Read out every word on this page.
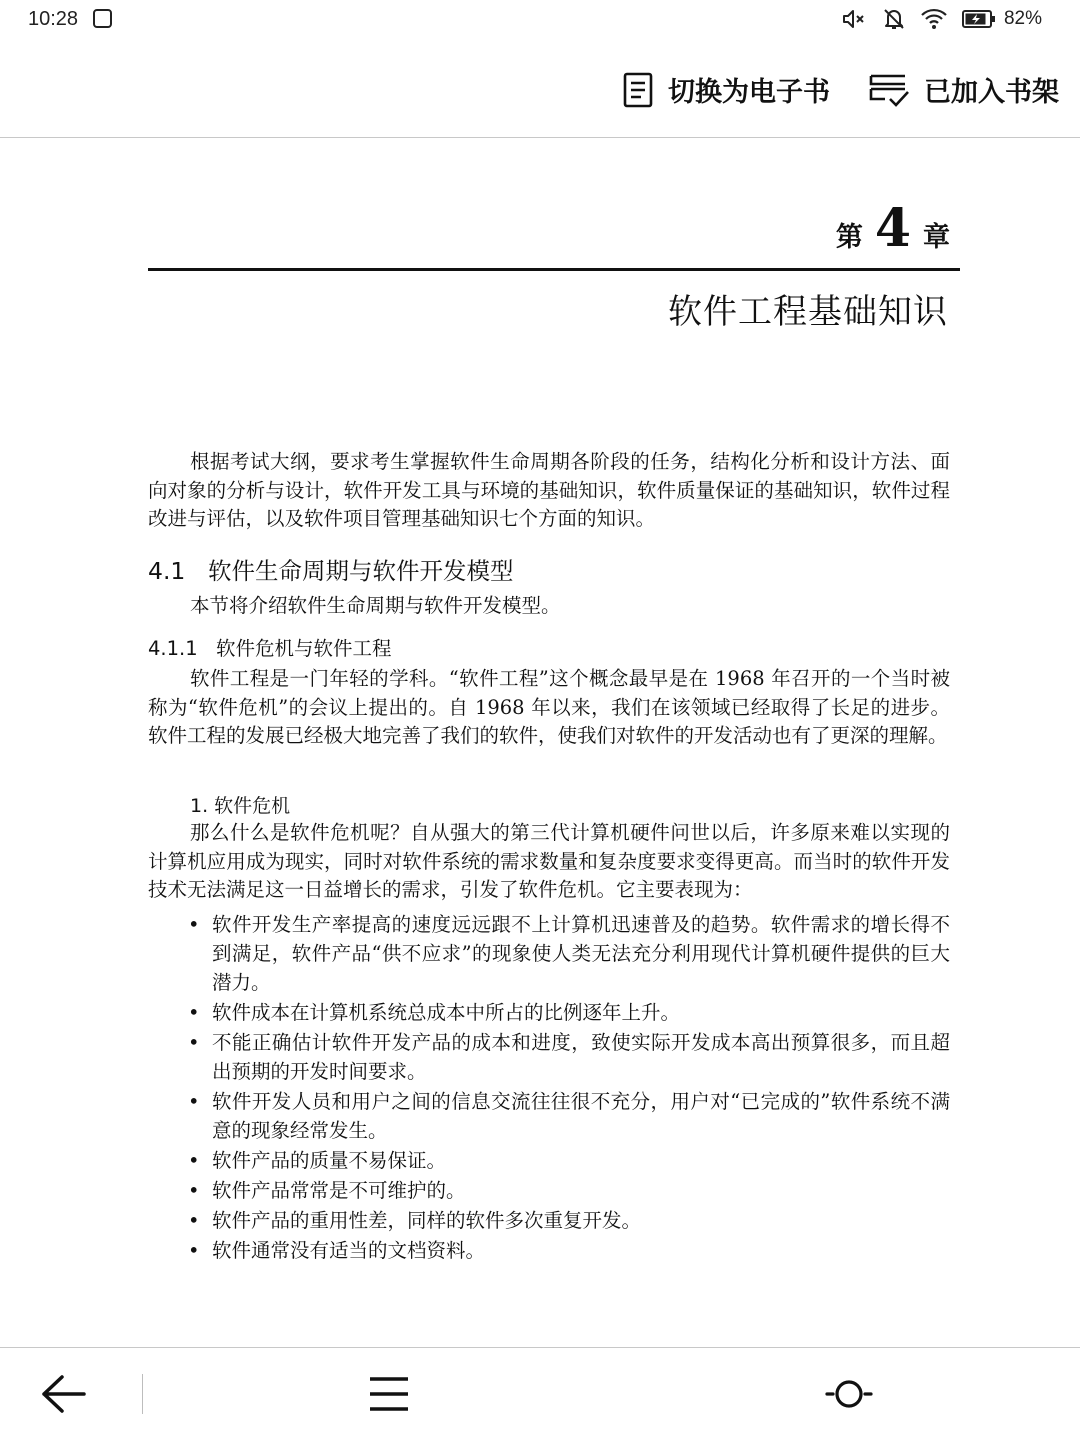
10:28	82%
切换为电子书	已加入书架
第 4 章
软件工程基础知识

根据考试大纲，要求考生掌握软件生命周期各阶段的任务，结构化分析和设计方法、面向对象的分析与设计，软件开发工具与环境的基础知识，软件质量保证的基础知识，软件过程改进与评估，以及软件项目管理基础知识七个方面的知识。

4.1 软件生命周期与软件开发模型

本节将介绍软件生命周期与软件开发模型。

4.1.1 软件危机与软件工程

软件工程是一门年轻的学科。“软件工程”这个概念最早是在 1968 年召开的一个当时被称为“软件危机”的会议上提出的。自 1968 年以来，我们在该领域已经取得了长足的进步。软件工程的发展已经极大地完善了我们的软件，使我们对软件的开发活动也有了更深的理解。

1. 软件危机

那么什么是软件危机呢？自从强大的第三代计算机硬件问世以后，许多原来难以实现的计算机应用成为现实，同时对软件系统的需求数量和复杂度要求变得更高。而当时的软件开发技术无法满足这一日益增长的需求，引发了软件危机。它主要表现为：

• 软件开发生产率提高的速度远远跟不上计算机迅速普及的趋势。软件需求的增长得不到满足，软件产品“供不应求”的现象使人类无法充分利用现代计算机硬件提供的巨大潜力。
• 软件成本在计算机系统总成本中所占的比例逐年上升。
• 不能正确估计软件开发产品的成本和进度，致使实际开发成本高出预算很多，而且超出预期的开发时间要求。
• 软件开发人员和用户之间的信息交流往往很不充分，用户对“已完成的”软件系统不满意的现象经常发生。
• 软件产品的质量不易保证。
• 软件产品常常是不可维护的。
• 软件产品的重用性差，同样的软件多次重复开发。
• 软件通常没有适当的文档资料。
